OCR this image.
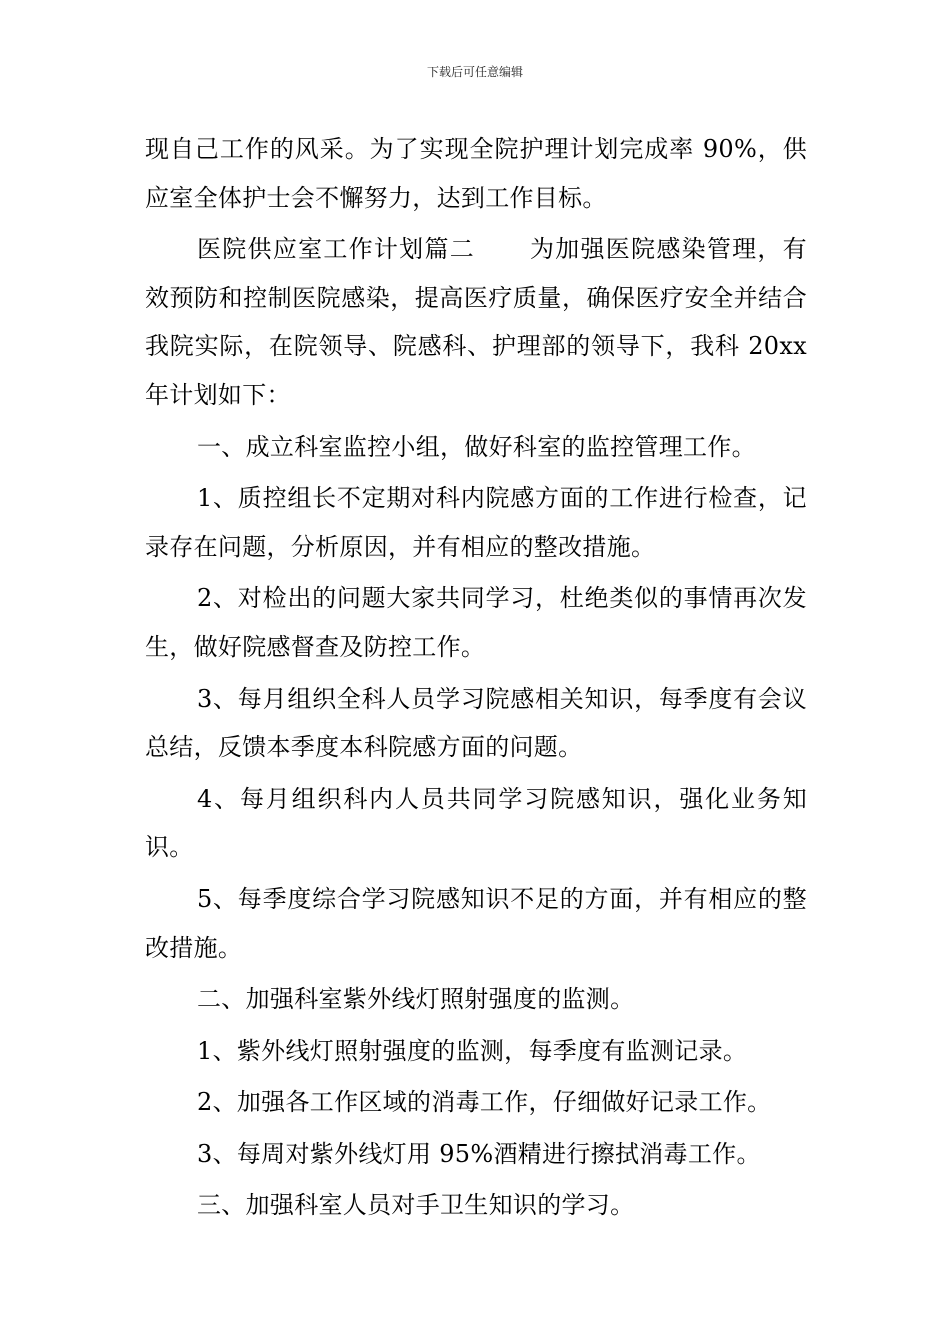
下载后可任意编辑

现自己工作的风采。为了实现全院护理计划完成率 90%，供应室全体护士会不懈努力，达到工作目标。

医院供应室工作计划篇二 为加强医院感染管理，有效预防和控制医院感染，提高医疗质量，确保医疗安全并结合我院实际，在院领导、院感科、护理部的领导下，我科 20xx 年计划如下：

一、成立科室监控小组，做好科室的监控管理工作。

1、质控组长不定期对科内院感方面的工作进行检查，记录存在问题，分析原因，并有相应的整改措施。

2、对检出的问题大家共同学习，杜绝类似的事情再次发生，做好院感督查及防控工作。

3、每月组织全科人员学习院感相关知识，每季度有会议总结，反馈本季度本科院感方面的问题。

4、每月组织科内人员共同学习院感知识，强化业务知识。

5、每季度综合学习院感知识不足的方面，并有相应的整改措施。

二、加强科室紫外线灯照射强度的监测。

1、紫外线灯照射强度的监测，每季度有监测记录。

2、加强各工作区域的消毒工作，仔细做好记录工作。

3、每周对紫外线灯用 95%酒精进行擦拭消毒工作。

三、加强科室人员对手卫生知识的学习。
